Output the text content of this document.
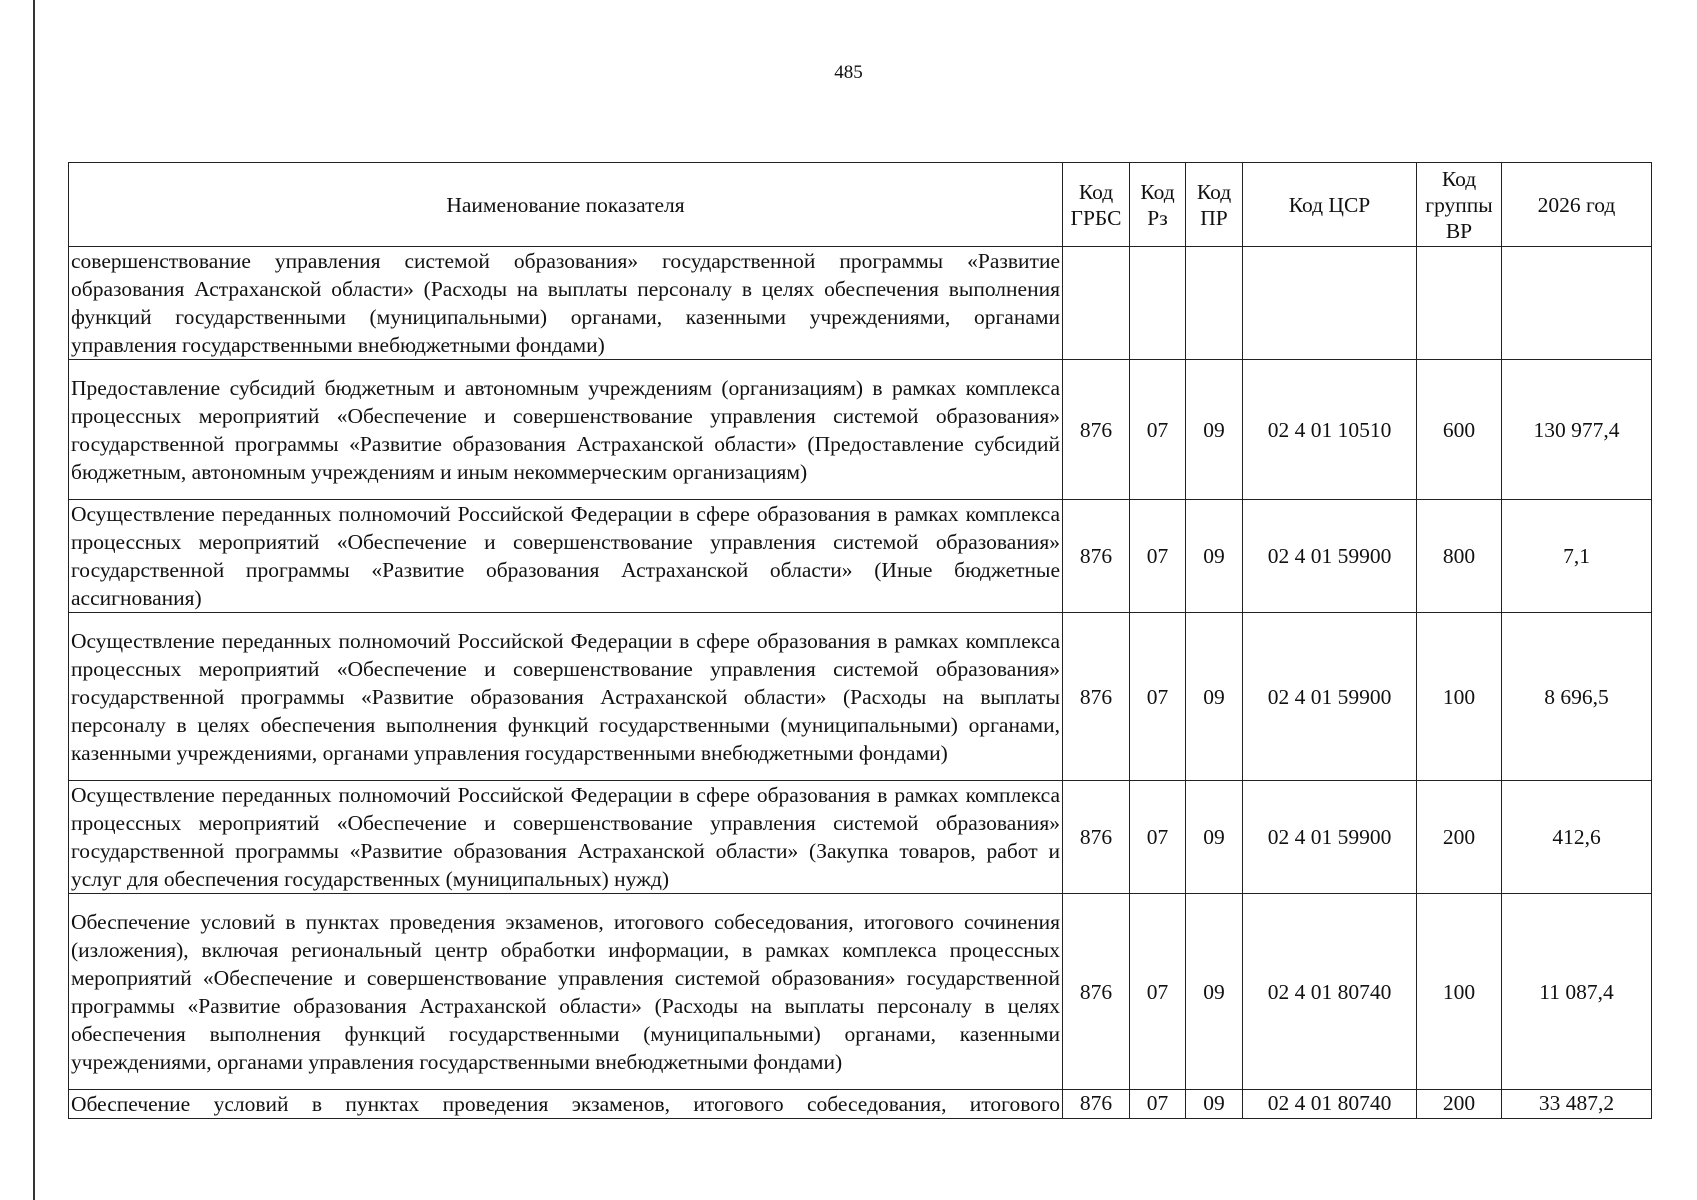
485
Наименование показателя	Код ГРБС	Код Рз	Код ПР	Код ЦСР	Код группы ВР	2026 год
совершенствование управления системой образования» государственной программы «Развитие образования Астраханской области» (Расходы на выплаты персоналу в целях обеспечения выполнения функций государственными (муниципальными) органами, казенными учреждениями, органами управления государственными внебюджетными фондами)						
Предоставление субсидий бюджетным и автономным учреждениям (организациям) в рамках комплекса процессных мероприятий «Обеспечение и совершенствование управления системой образования» государственной программы «Развитие образования Астраханской области» (Предоставление субсидий бюджетным, автономным учреждениям и иным некоммерческим организациям)	876	07	09	02 4 01 10510	600	130 977,4
Осуществление переданных полномочий Российской Федерации в сфере образования в рамках комплекса процессных мероприятий «Обеспечение и совершенствование управления системой образования» государственной программы «Развитие образования Астраханской области» (Иные бюджетные ассигнования)	876	07	09	02 4 01 59900	800	7,1
Осуществление переданных полномочий Российской Федерации в сфере образования в рамках комплекса процессных мероприятий «Обеспечение и совершенствование управления системой образования» государственной программы «Развитие образования Астраханской области» (Расходы на выплаты персоналу в целях обеспечения выполнения функций государственными (муниципальными) органами, казенными учреждениями, органами управления государственными внебюджетными фондами)	876	07	09	02 4 01 59900	100	8 696,5
Осуществление переданных полномочий Российской Федерации в сфере образования в рамках комплекса процессных мероприятий «Обеспечение и совершенствование управления системой образования» государственной программы «Развитие образования Астраханской области» (Закупка товаров, работ и услуг для обеспечения государственных (муниципальных) нужд)	876	07	09	02 4 01 59900	200	412,6
Обеспечение условий в пунктах проведения экзаменов, итогового собеседования, итогового сочинения (изложения), включая региональный центр обработки информации, в рамках комплекса процессных мероприятий «Обеспечение и совершенствование управления системой образования» государственной программы «Развитие образования Астраханской области» (Расходы на выплаты персоналу в целях обеспечения выполнения функций государственными (муниципальными) органами, казенными учреждениями, органами управления государственными внебюджетными фондами)	876	07	09	02 4 01 80740	100	11 087,4
Обеспечение условий в пунктах проведения экзаменов, итогового собеседования, итогового	876	07	09	02 4 01 80740	200	33 487,2
